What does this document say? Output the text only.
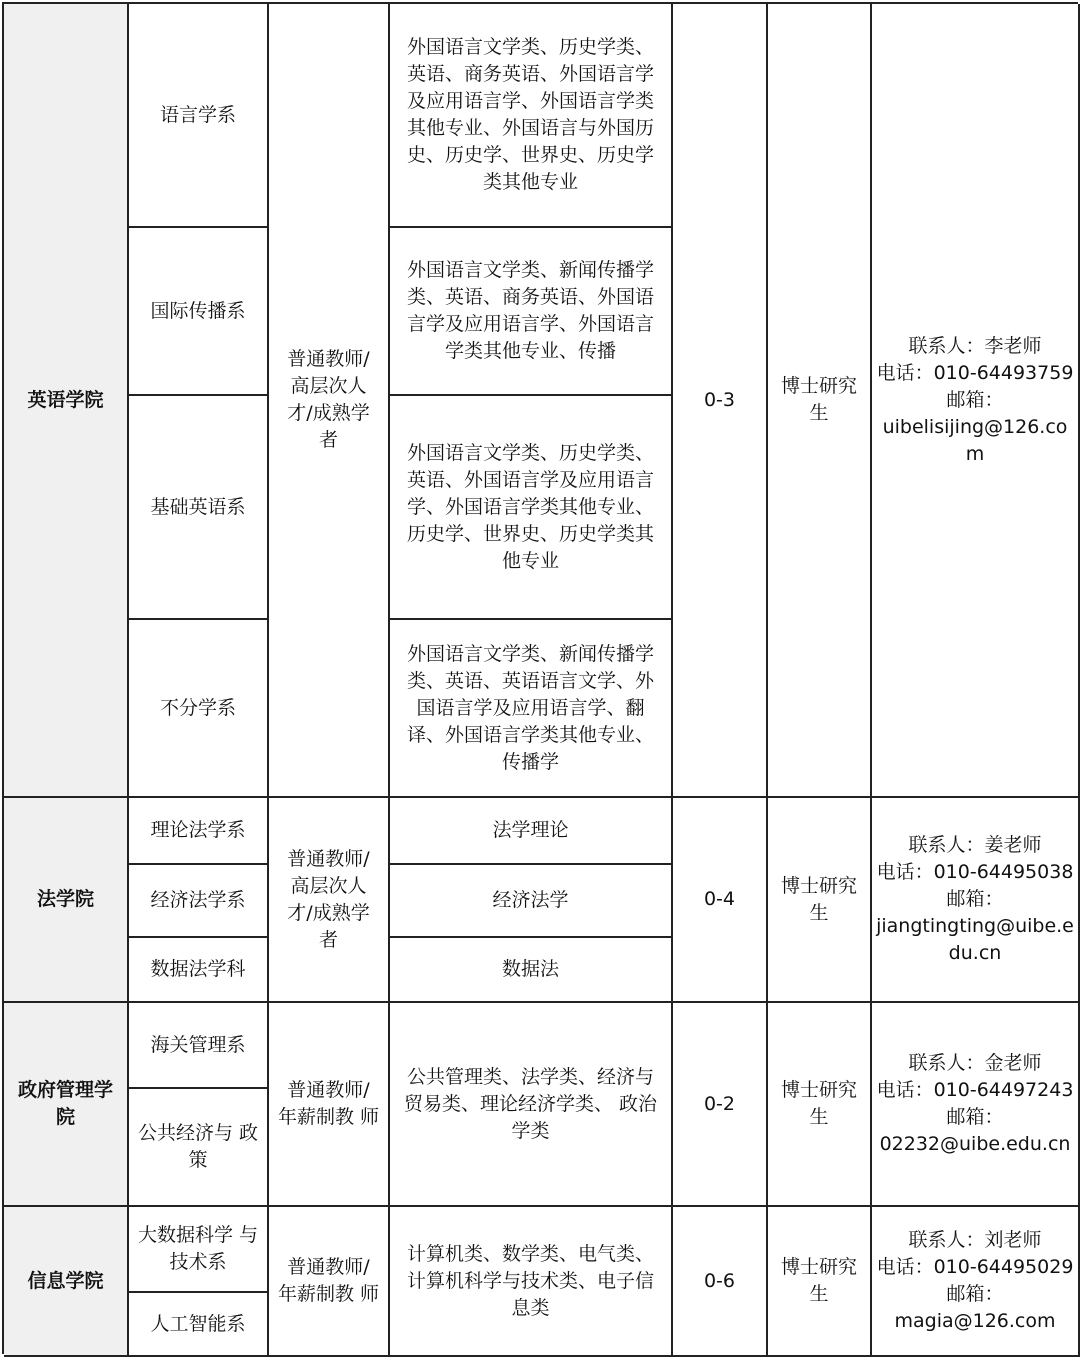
英语学院
语言学系
国际传播系
基础英语系
不分学系
普通教师/ 高层次人 才/成熟学 者
外国语言文学类、历史学类、英语、商务英语、外国语言学及应用语言学、外国语言学类其他专业、外国语言与外国历史、历史学、世界史、历史学类其他专业
外国语言文学类、新闻传播学类、英语、商务英语、外国语言学及应用语言学、外国语言学类其他专业、传播
外国语言文学类、历史学类、英语、外国语言学及应用语言学、外国语言学类其他专业、历史学、世界史、历史学类其他专业
外国语言文学类、新闻传播学类、英语、英语语言文学、外国语言学及应用语言学、翻译、外国语言学类其他专业、传播学
0-3
博士研究生
联系人：李老师
电话：010-64493759
邮箱：
uibelisijing@126.com
法学院
理论法学系
经济法学系
数据法学科
普通教师/ 高层次人 才/成熟学 者
法学理论
经济法学
数据法
0-4
博士研究生
联系人：姜老师
电话：010-64495038
邮箱：
jiangtingting@uibe.edu.cn
政府管理学院
海关管理系
公共经济与 政策
普通教师/ 年薪制教 师
公共管理类、法学类、经济与贸易类、理论经济学类、 政治学类
0-2
博士研究生
联系人：金老师
电话：010-64497243
邮箱：
02232@uibe.edu.cn
信息学院
大数据科学 与技术系
人工智能系
普通教师/ 年薪制教 师
计算机类、数学类、电气类、计算机科学与技术类、电子信息类
0-6
博士研究生
联系人：刘老师
电话：010-64495029
邮箱：
magia@126.com
